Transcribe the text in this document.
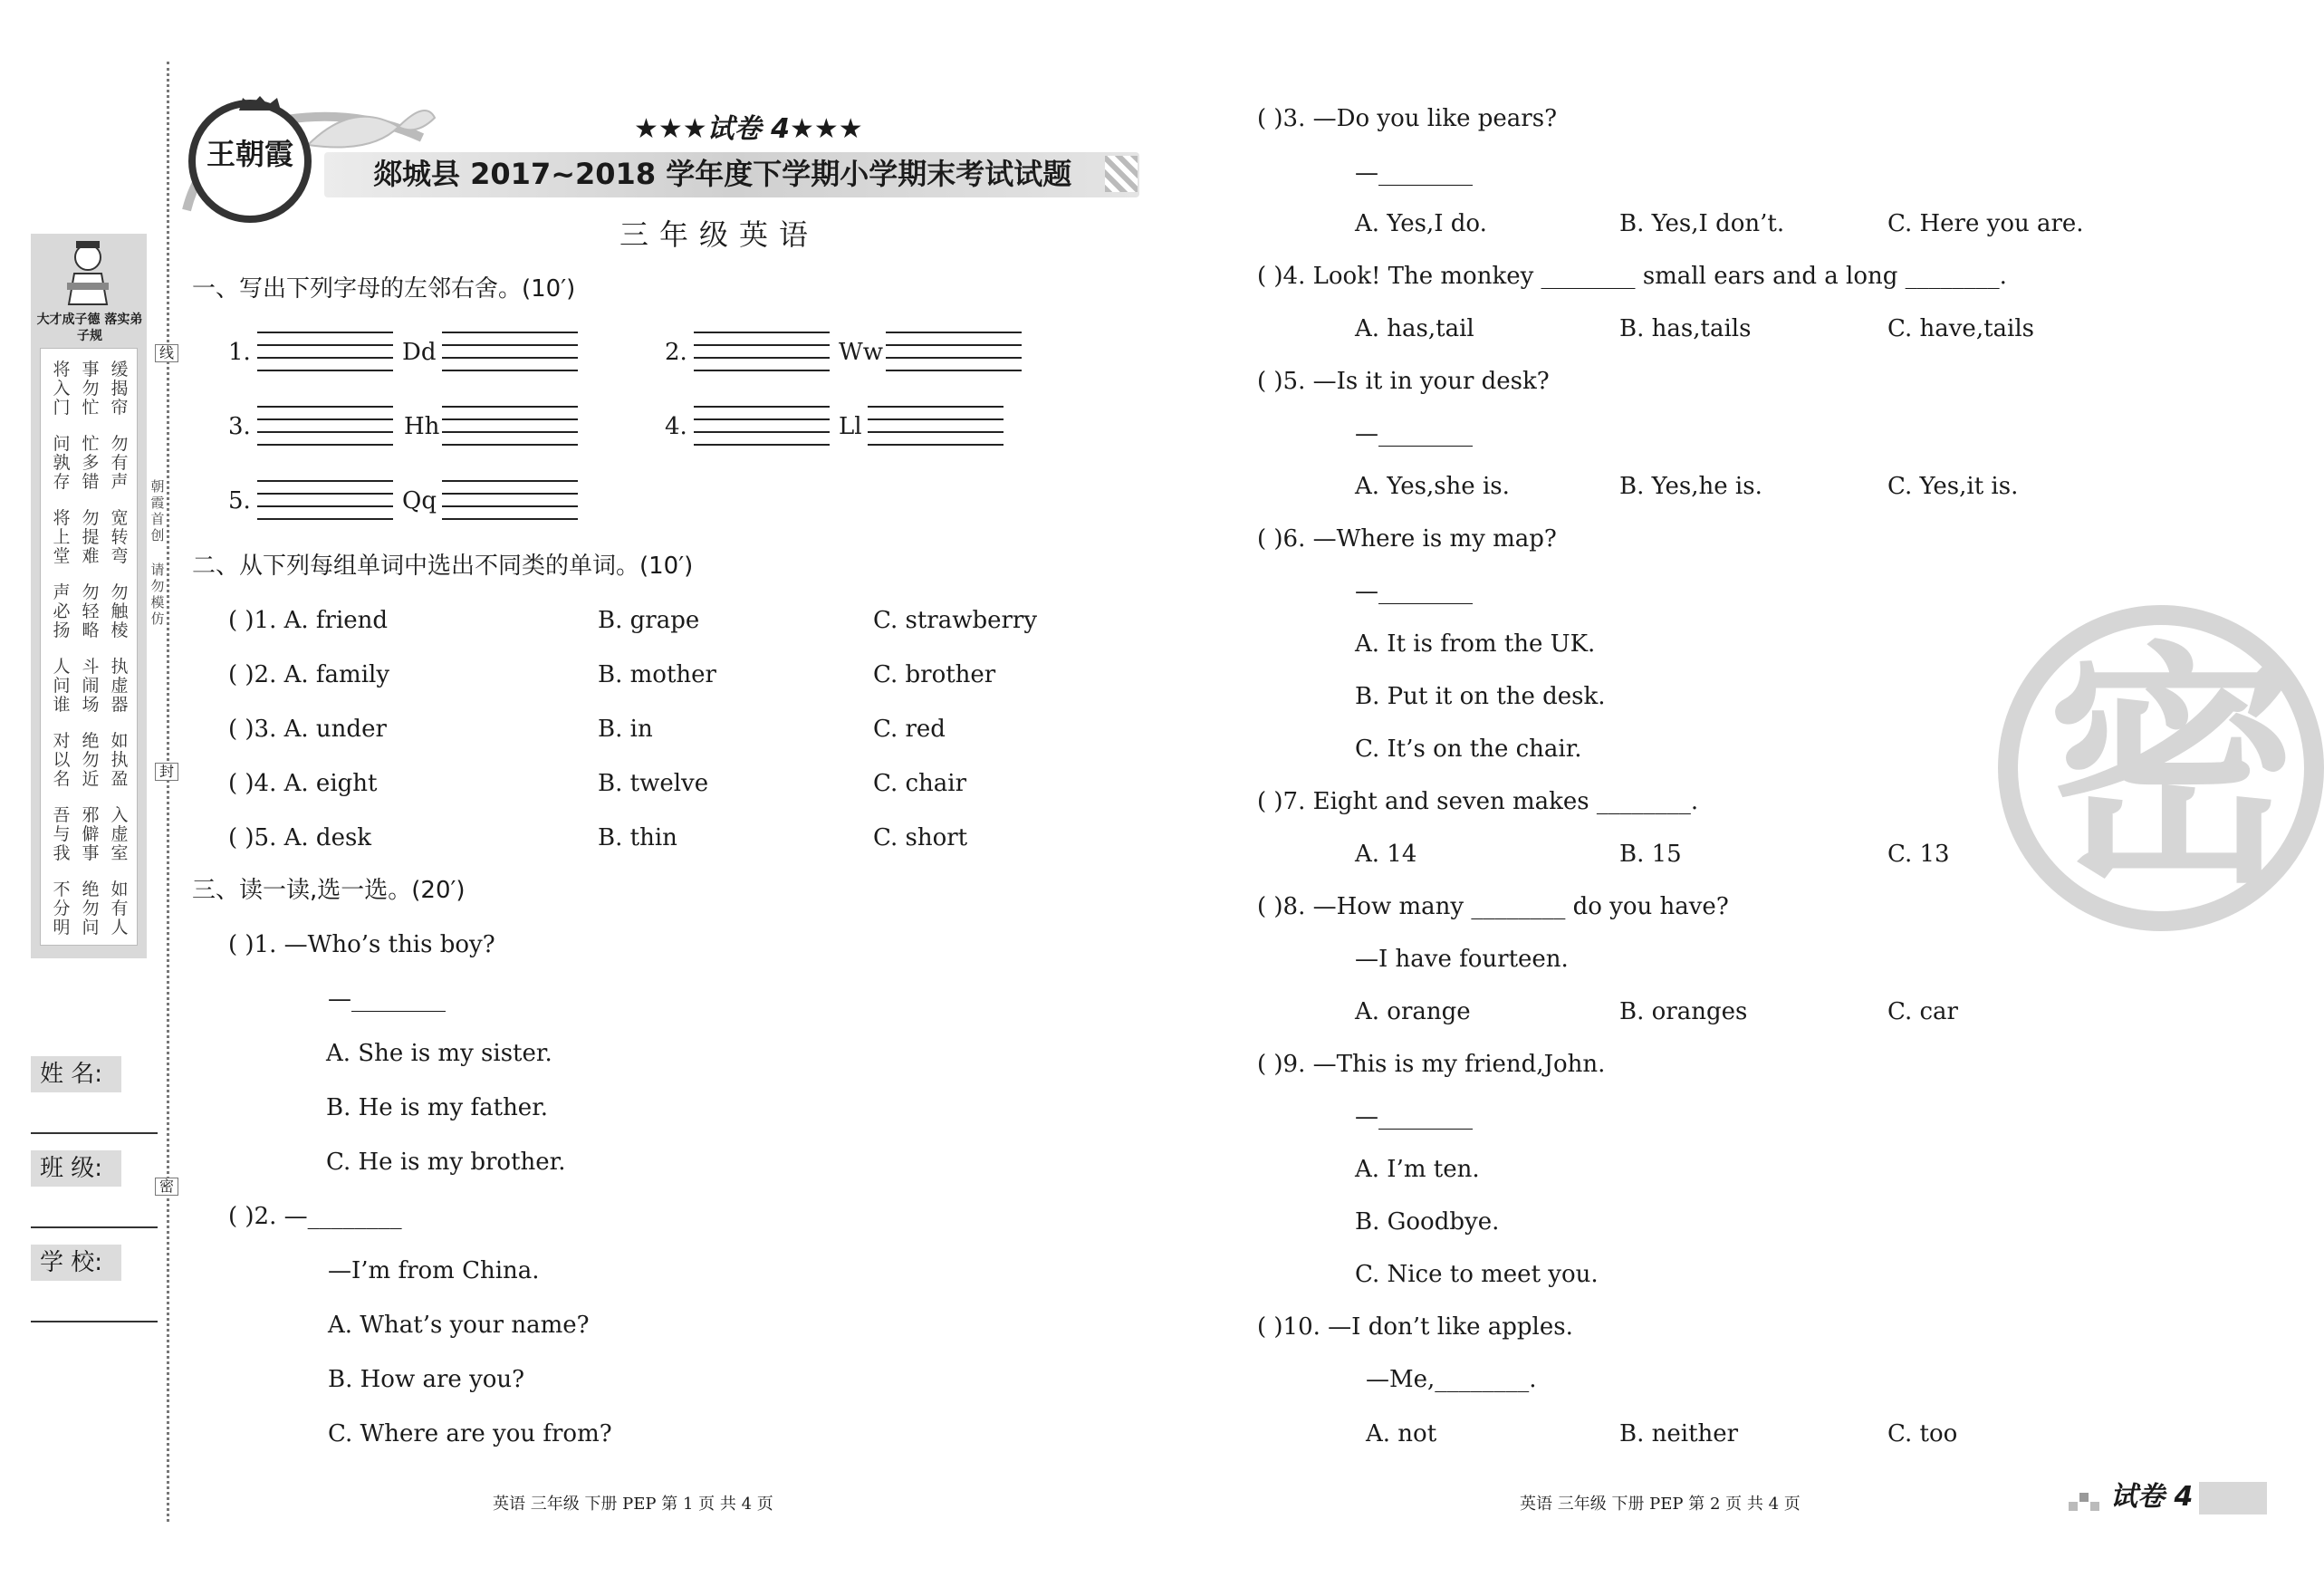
大才成子德 落实弟子规
线
朝霞首创
请勿模仿
封
密
姓 名:
班 级:
学 校:
王朝霞
★★★试卷 4★★★
郯城县 2017~2018 学年度下学期小学期末考试试题
三年级英语
一、写出下列字母的左邻右舍。(10′)
1.	Dd	2.	Ww
3.	Hh	4.	Ll
5.	Qq
二、从下列每组单词中选出不同类的单词。(10′)
( )1. A. friend	B. grape	C. strawberry
( )2. A. family	B. mother	C. brother
( )3. A. under	B. in	C. red
( )4. A. eight	B. twelve	C. chair
( )5. A. desk	B. thin	C. short
三、读一读,选一选。(20′)
( )1. —Who’s this boy?
—________
A. She is my sister.
B. He is my father.
C. He is my brother.
( )2. —________
—I’m from China.
A. What’s your name?
B. How are you?
C. Where are you from?
英语 三年级 下册 PEP 第 1 页 共 4 页
密
( )3. —Do you like pears?
—________
A. Yes,I do.	B. Yes,I don’t.	C. Here you are.
( )4. Look! The monkey ________ small ears and a long ________.
A. has,tail	B. has,tails	C. have,tails
( )5. —Is it in your desk?
—________
A. Yes,she is.	B. Yes,he is.	C. Yes,it is.
( )6. —Where is my map?
—________
A. It is from the UK.
B. Put it on the desk.
C. It’s on the chair.
( )7. Eight and seven makes ________.
A. 14	B. 15	C. 13
( )8. —How many ________ do you have?
—I have fourteen.
A. orange	B. oranges	C. car
( )9. —This is my friend,John.
—________
A. I’m ten.
B. Goodbye.
C. Nice to meet you.
( )10. —I don’t like apples.
—Me,________.
A. not	B. neither	C. too
英语 三年级 下册 PEP 第 2 页 共 4 页	试卷 4
将入门
事勿忙
缓揭帘
问孰存
忙多错
勿有声
将上堂
勿提难
宽转弯
声必扬
勿轻略
勿触棱
人问谁
斗闹场
执虚器
对以名
绝勿近
如执盈
吾与我
邪僻事
入虚室
不分明
绝勿问
如有人
